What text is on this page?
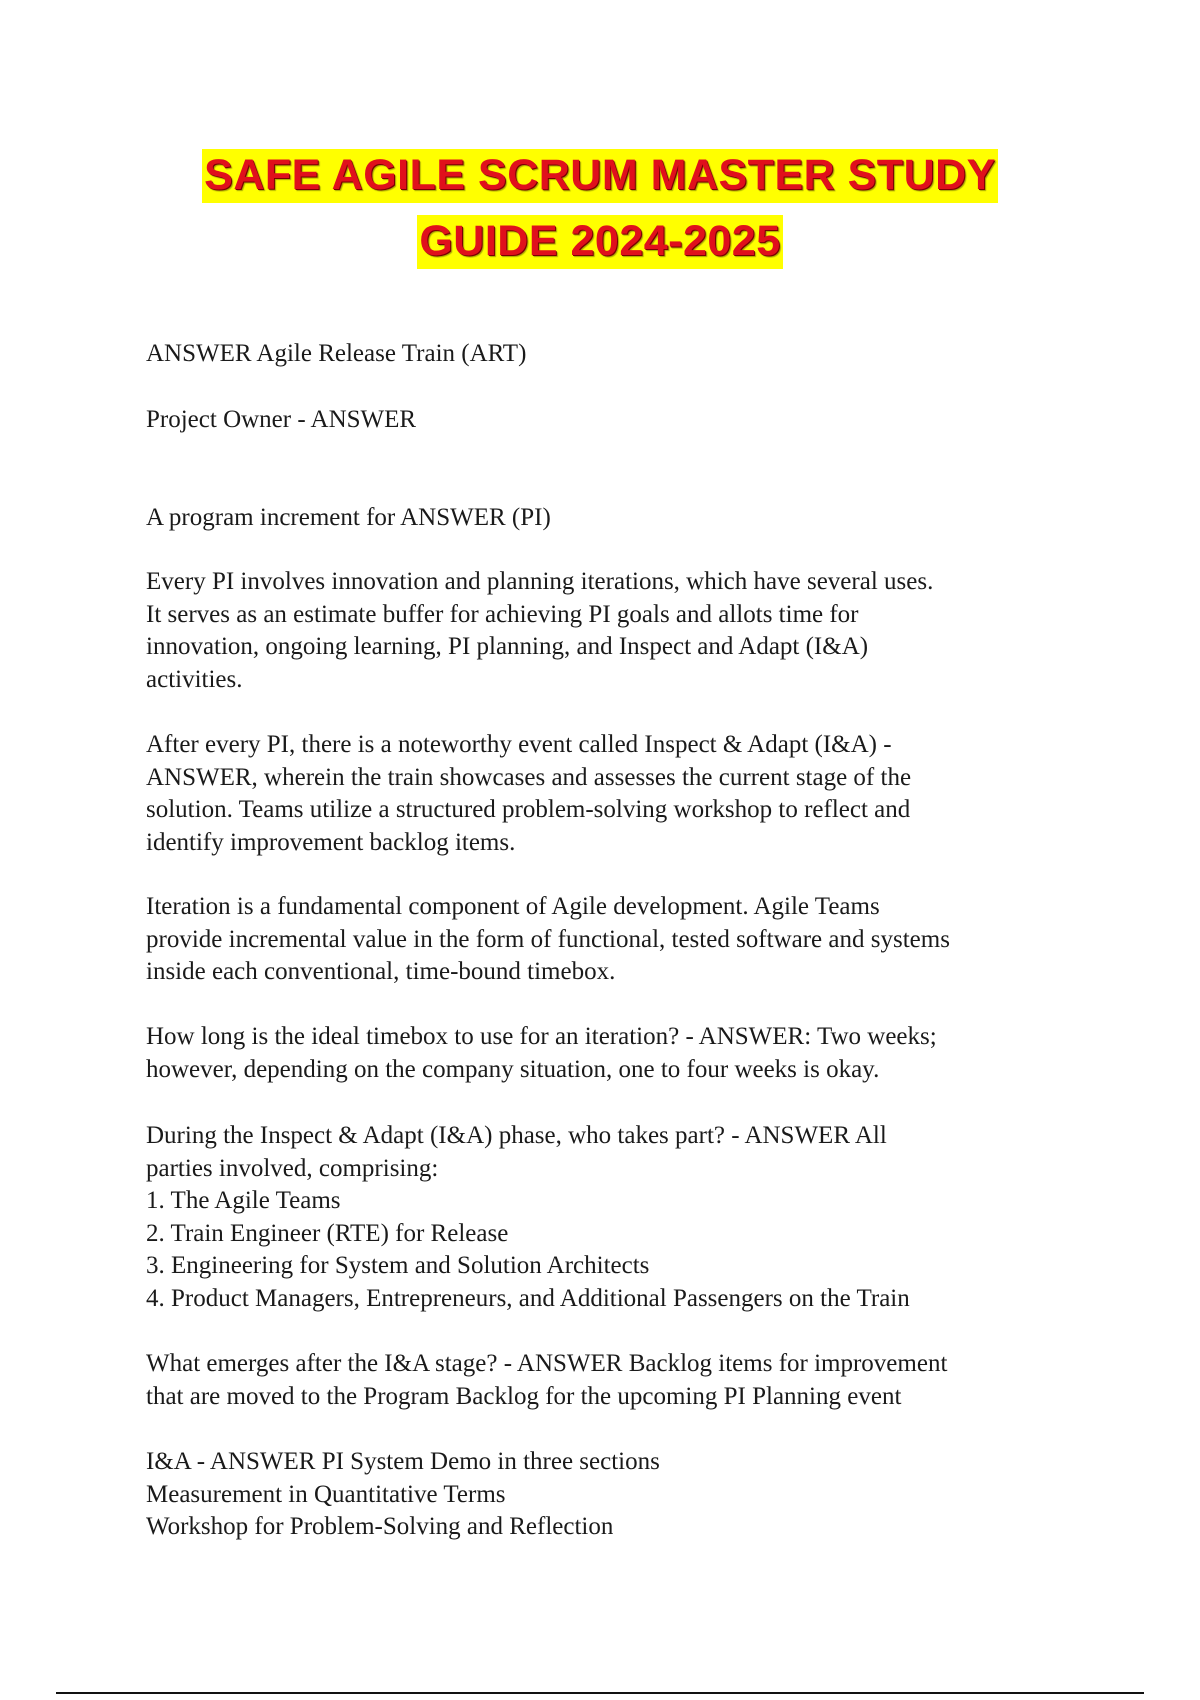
SAFE AGILE SCRUM MASTER STUDY
GUIDE 2024-2025

ANSWER Agile Release Train (ART)

Project Owner - ANSWER

A program increment for ANSWER (PI)

Every PI involves innovation and planning iterations, which have several uses.
It serves as an estimate buffer for achieving PI goals and allots time for
innovation, ongoing learning, PI planning, and Inspect and Adapt (I&A)
activities.

After every PI, there is a noteworthy event called Inspect & Adapt (I&A) -
ANSWER, wherein the train showcases and assesses the current stage of the
solution. Teams utilize a structured problem-solving workshop to reflect and
identify improvement backlog items.

Iteration is a fundamental component of Agile development. Agile Teams
provide incremental value in the form of functional, tested software and systems
inside each conventional, time-bound timebox.

How long is the ideal timebox to use for an iteration? - ANSWER: Two weeks;
however, depending on the company situation, one to four weeks is okay.

During the Inspect & Adapt (I&A) phase, who takes part? - ANSWER All
parties involved, comprising:
1. The Agile Teams
2. Train Engineer (RTE) for Release
3. Engineering for System and Solution Architects
4. Product Managers, Entrepreneurs, and Additional Passengers on the Train

What emerges after the I&A stage? - ANSWER Backlog items for improvement
that are moved to the Program Backlog for the upcoming PI Planning event

I&A - ANSWER PI System Demo in three sections
Measurement in Quantitative Terms
Workshop for Problem-Solving and Reflection
